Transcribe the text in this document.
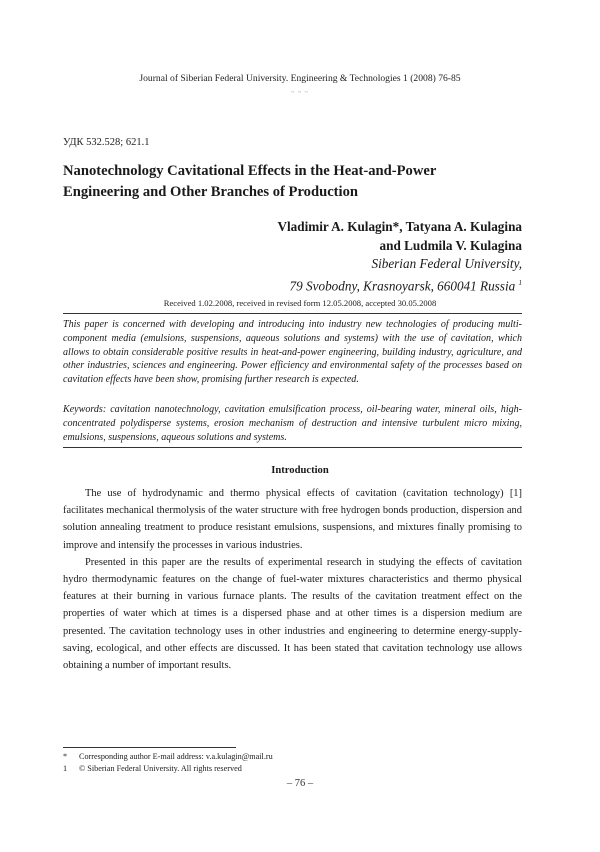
Journal of Siberian Federal University. Engineering & Technologies 1 (2008) 76-85
~ ~ ~
УДК 532.528; 621.1
Nanotechnology Cavitational Effects in the Heat-and-Power Engineering and Other Branches of Production
Vladimir A. Kulagin*, Tatyana A. Kulagina
and Ludmila V. Kulagina
Siberian Federal University,
79 Svobodny, Krasnoyarsk, 660041 Russia $^1$
Received 1.02.2008, received in revised form 12.05.2008, accepted 30.05.2008

This paper is concerned with developing and introducing into industry new technologies of producing multi-component media (emulsions, suspensions, aqueous solutions and systems) with the use of cavitation, which allows to obtain considerable positive results in heat-and-power engineering, building industry, agriculture, and other industries, sciences and engineering. Power efficiency and environmental safety of the processes based on cavitation effects have been show, promising further research is expected.

Keywords: cavitation nanotechnology, cavitation emulsification process, oil-bearing water, mineral oils, high-concentrated polydisperse systems, erosion mechanism of destruction and intensive turbulent micro mixing, emulsions, suspensions, aqueous solutions and systems.

Introduction

The use of hydrodynamic and thermo physical effects of cavitation (cavitation technology) [1] facilitates mechanical thermolysis of the water structure with free hydrogen bonds production, dispersion and solution annealing treatment to produce resistant emulsions, suspensions, and mixtures finally promising to improve and intensify the processes in various industries.

Presented in this paper are the results of experimental research in studying the effects of cavitation hydro thermodynamic features on the change of fuel-water mixtures characteristics and thermo physical features at their burning in various furnace plants. The results of the cavitation treatment effect on the properties of water which at times is a dispersed phase and at other times is a dispersion medium are presented. The cavitation technology uses in other industries and engineering to determine energy-supply-saving, ecological, and other effects are discussed. It has been stated that cavitation technology use allows obtaining a number of important results.

*	Corresponding author E-mail address: v.a.kulagin@mail.ru
1	© Siberian Federal University. All rights reserved
– 76 –
